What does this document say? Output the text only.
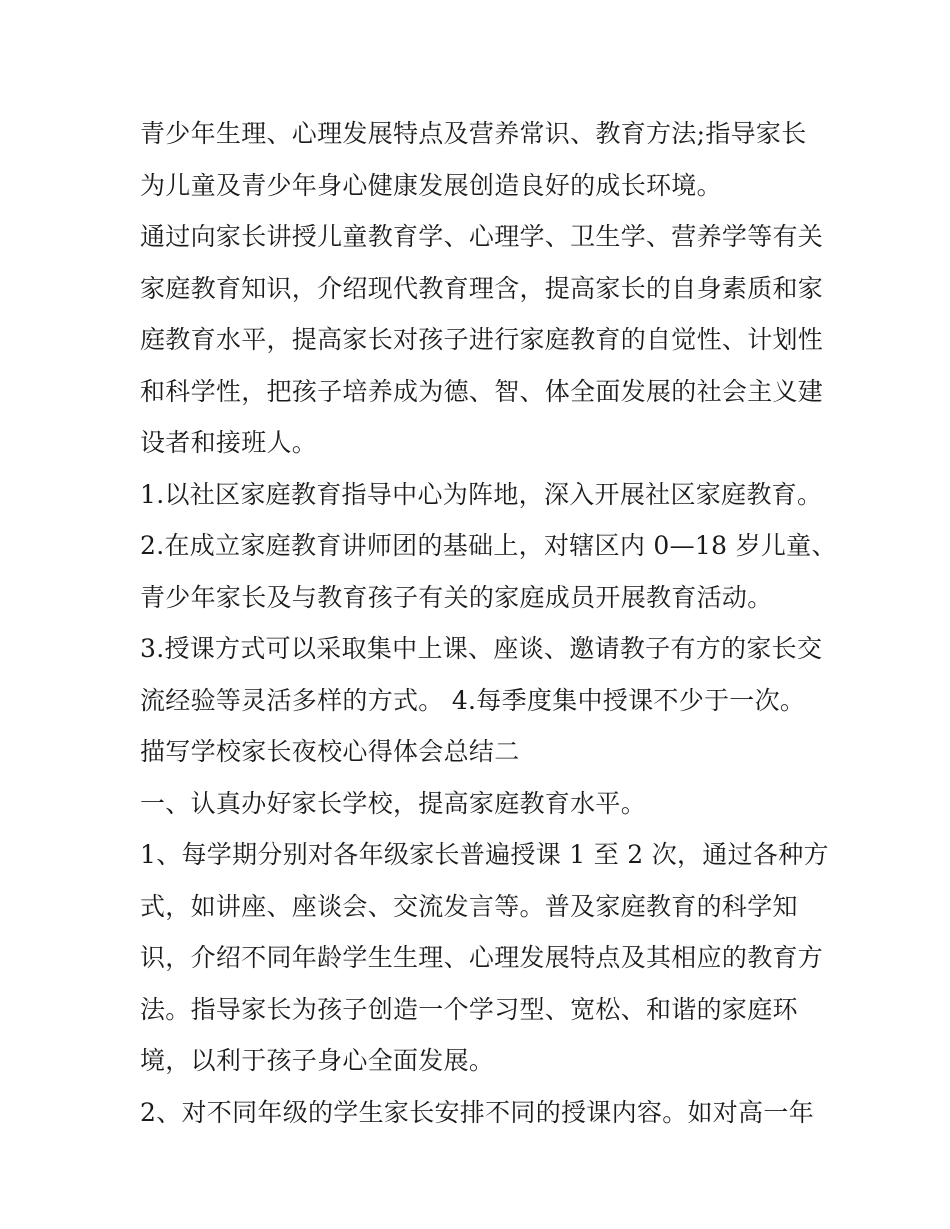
青少年生理、心理发展特点及营养常识、教育方法;指导家长
为儿童及青少年身心健康发展创造良好的成长环境。
通过向家长讲授儿童教育学、心理学、卫生学、营养学等有关
家庭教育知识，介绍现代教育理含，提高家长的自身素质和家
庭教育水平，提高家长对孩子进行家庭教育的自觉性、计划性
和科学性，把孩子培养成为德、智、体全面发展的社会主义建
设者和接班人。
1.以社区家庭教育指导中心为阵地，深入开展社区家庭教育。
2.在成立家庭教育讲师团的基础上，对辖区内 0—18 岁儿童、
青少年家长及与教育孩子有关的家庭成员开展教育活动。
3.授课方式可以采取集中上课、座谈、邀请教子有方的家长交
流经验等灵活多样的方式。 4.每季度集中授课不少于一次。
描写学校家长夜校心得体会总结二
一、认真办好家长学校，提高家庭教育水平。
1、每学期分别对各年级家长普遍授课 1 至 2 次，通过各种方
式，如讲座、座谈会、交流发言等。普及家庭教育的科学知
识，介绍不同年龄学生生理、心理发展特点及其相应的教育方
法。指导家长为孩子创造一个学习型、宽松、和谐的家庭环
境，以利于孩子身心全面发展。
2、对不同年级的学生家长安排不同的授课内容。如对高一年
